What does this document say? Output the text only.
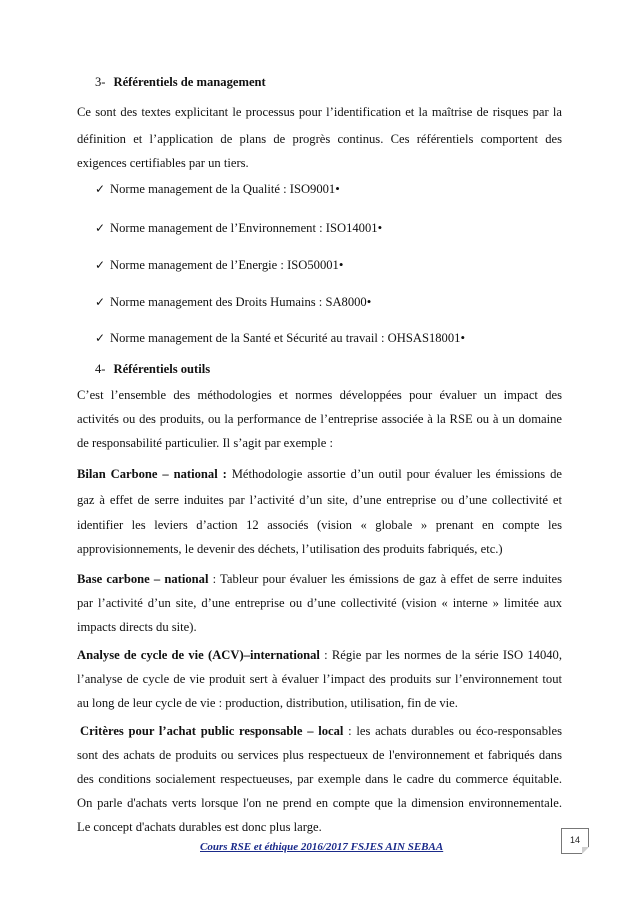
3- Référentiels de management
Ce sont des textes explicitant le processus pour l’identification et la maîtrise de risques par la
définition et l’application de plans de progrès continus. Ces référentiels comportent des
exigences certifiables par un tiers.
✓ Norme management de la Qualité : ISO9001•
✓ Norme management de l’Environnement : ISO14001•
✓ Norme management de l’Energie : ISO50001•
✓ Norme management des Droits Humains : SA8000•
✓ Norme management de la Santé et Sécurité au travail : OHSAS18001•
4- Référentiels outils
C’est l’ensemble des méthodologies et normes développées pour évaluer un impact des
activités ou des produits, ou la performance de l’entreprise associée à la RSE ou à un domaine
de responsabilité particulier. Il s’agit par exemple :
Bilan Carbone – national : Méthodologie assortie d’un outil pour évaluer les émissions de
gaz à effet de serre induites par l’activité d’un site, d’une entreprise ou d’une collectivité et
identifier les leviers d’action 12 associés (vision « globale » prenant en compte les
approvisionnements, le devenir des déchets, l’utilisation des produits fabriqués, etc.)
Base carbone – national : Tableur pour évaluer les émissions de gaz à effet de serre induites
par l’activité d’un site, d’une entreprise ou d’une collectivité (vision « interne » limitée aux
impacts directs du site).
Analyse de cycle de vie (ACV)–international : Régie par les normes de la série ISO 14040,
l’analyse de cycle de vie produit sert à évaluer l’impact des produits sur l’environnement tout
au long de leur cycle de vie : production, distribution, utilisation, fin de vie.
Critères pour l’achat public responsable – local : les achats durables ou éco-responsables
sont des achats de produits ou services plus respectueux de l'environnement et fabriqués dans
des conditions socialement respectueuses, par exemple dans le cadre du commerce équitable.
On parle d'achats verts lorsque l'on ne prend en compte que la dimension environnementale.
Le concept d'achats durables est donc plus large.
Cours RSE et éthique 2016/2017 FSJES AIN SEBAA
14
